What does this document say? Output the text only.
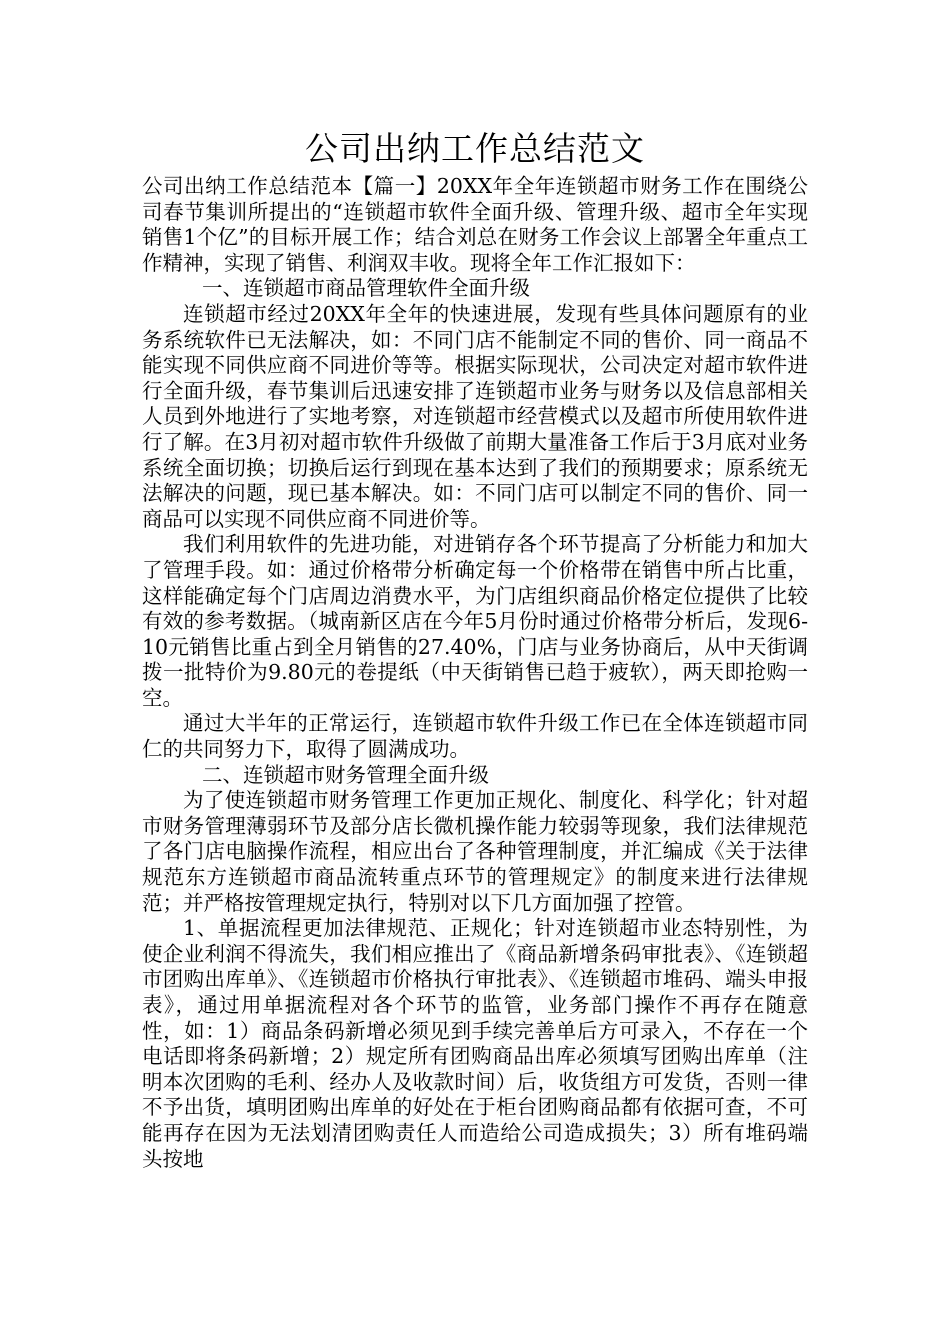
公司出纳工作总结范文

公司出纳工作总结范本【篇一】20XX年全年连锁超市财务工作在围绕公司春节集训所提出的“连锁超市软件全面升级、管理升级、超市全年实现销售1个亿”的目标开展工作；结合刘总在财务工作会议上部署全年重点工作精神，实现了销售、利润双丰收。现将全年工作汇报如下：

一、连锁超市商品管理软件全面升级

连锁超市经过20XX年全年的快速进展，发现有些具体问题原有的业务系统软件已无法解决，如：不同门店不能制定不同的售价、同一商品不能实现不同供应商不同进价等等。根据实际现状，公司决定对超市软件进行全面升级，春节集训后迅速安排了连锁超市业务与财务以及信息部相关人员到外地进行了实地考察，对连锁超市经营模式以及超市所使用软件进行了解。在3月初对超市软件升级做了前期大量准备工作后于3月底对业务系统全面切换；切换后运行到现在基本达到了我们的预期要求；原系统无法解决的问题，现已基本解决。如：不同门店可以制定不同的售价、同一商品可以实现不同供应商不同进价等。

我们利用软件的先进功能，对进销存各个环节提高了分析能力和加大了管理手段。如：通过价格带分析确定每一个价格带在销售中所占比重，这样能确定每个门店周边消费水平，为门店组织商品价格定位提供了比较有效的参考数据。（城南新区店在今年5月份时通过价格带分析后，发现6-10元销售比重占到全月销售的27.40%，门店与业务协商后，从中天街调拨一批特价为9.80元的卷提纸（中天街销售已趋于疲软），两天即抢购一空。

通过大半年的正常运行，连锁超市软件升级工作已在全体连锁超市同仁的共同努力下，取得了圆满成功。

二、连锁超市财务管理全面升级

为了使连锁超市财务管理工作更加正规化、制度化、科学化；针对超市财务管理薄弱环节及部分店长微机操作能力较弱等现象，我们法律规范了各门店电脑操作流程，相应出台了各种管理制度，并汇编成《关于法律规范东方连锁超市商品流转重点环节的管理规定》的制度来进行法律规范；并严格按管理规定执行，特别对以下几方面加强了控管。

1、单据流程更加法律规范、正规化；针对连锁超市业态特别性，为使企业利润不得流失，我们相应推出了《商品新增条码审批表》、《连锁超市团购出库单》、《连锁超市价格执行审批表》、《连锁超市堆码、端头申报表》，通过用单据流程对各个环节的监管，业务部门操作不再存在随意性，如：1）商品条码新增必须见到手续完善单后方可录入，不存在一个电话即将条码新增；2）规定所有团购商品出库必须填写团购出库单（注明本次团购的毛利、经办人及收款时间）后，收货组方可发货，否则一律不予出货，填明团购出库单的好处在于柜台团购商品都有依据可查，不可能再存在因为无法划清团购责任人而造给公司造成损失；3）所有堆码端头按地
